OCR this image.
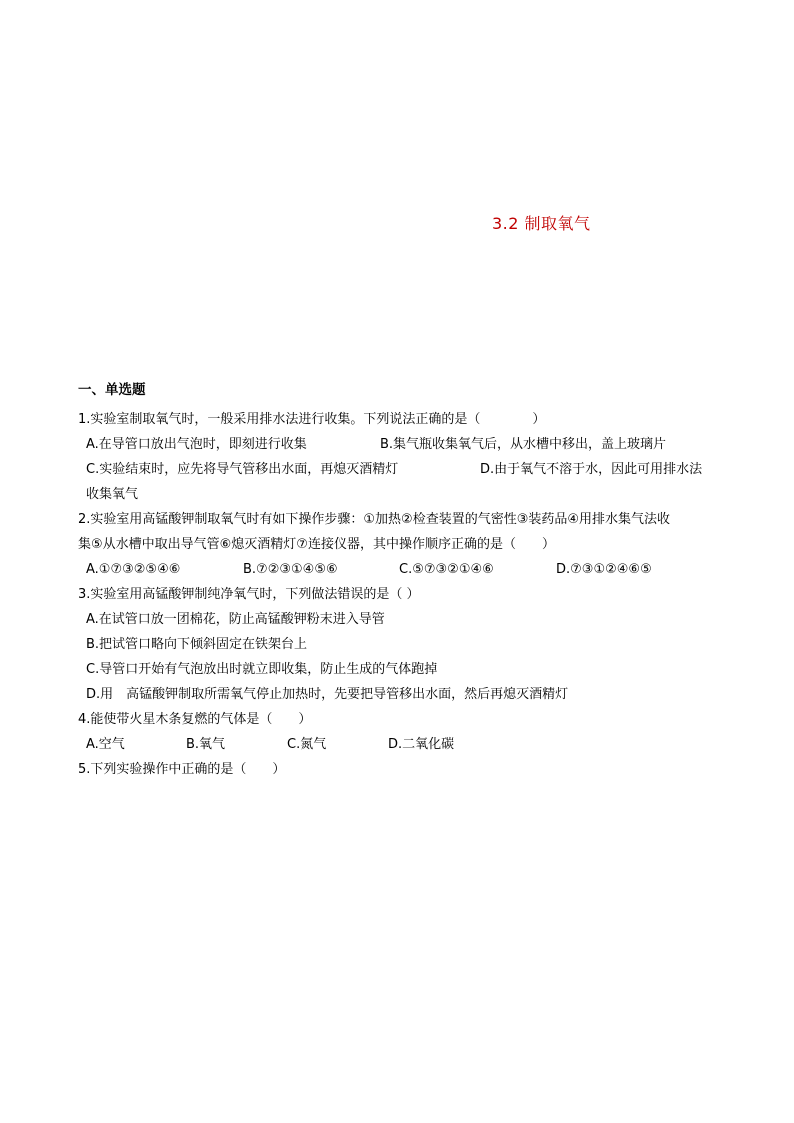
3.2 制取氧气
一、单选题
1.实验室制取氧气时，一般采用排水法进行收集。下列说法正确的是（　　　　）
A.在导管口放出气泡时，即刻进行收集	B.集气瓶收集氧气后，从水槽中移出，盖上玻璃片
C.实验结束时，应先将导气管移出水面，再熄灭酒精灯	D.由于氧气不溶于水，因此可用排水法
收集氧气
2.实验室用高锰酸钾制取氧气时有如下操作步骤：①加热②检查装置的气密性③装药品④用排水集气法收
集⑤从水槽中取出导气管⑥熄灭酒精灯⑦连接仪器，其中操作顺序正确的是（　　）
A.①⑦③②⑤④⑥	B.⑦②③①④⑤⑥	C.⑤⑦③②①④⑥	D.⑦③①②④⑥⑤
3.实验室用高锰酸钾制纯净氧气时，下列做法错误的是（ ）
A.在试管口放一团棉花，防止高锰酸钾粉末进入导管
B.把试管口略向下倾斜固定在铁架台上
C.导管口开始有气泡放出时就立即收集，防止生成的气体跑掉
D.用　高锰酸钾制取所需氧气停止加热时，先要把导管移出水面，然后再熄灭酒精灯
4.能使带火星木条复燃的气体是（　　）
A.空气	B.氧气	C.氮气	D.二氧化碳
5.下列实验操作中正确的是（　　）
